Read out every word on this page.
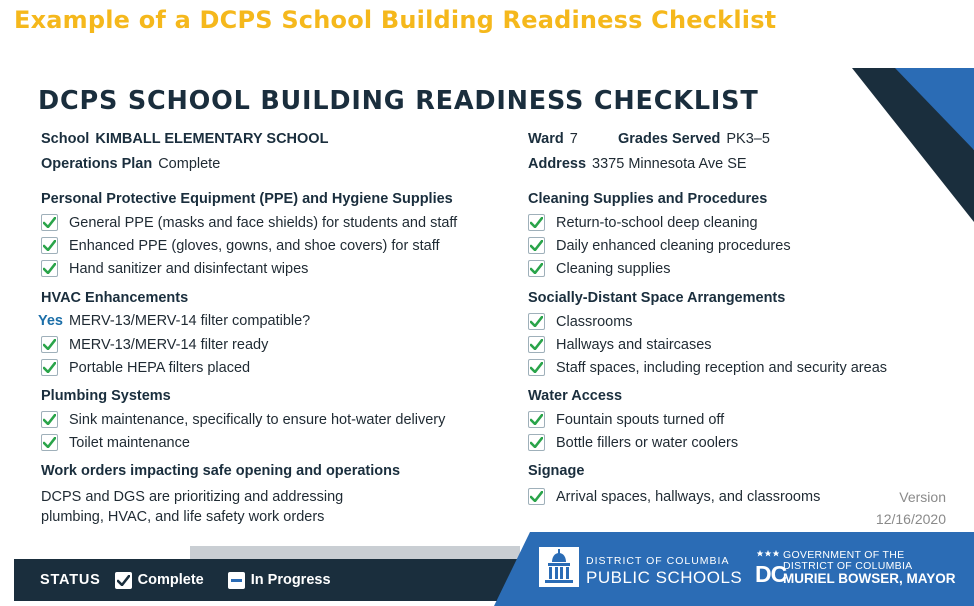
Example of a DCPS School Building Readiness Checklist
DCPS SCHOOL BUILDING READINESS CHECKLIST
School KIMBALL ELEMENTARY SCHOOL
Operations Plan Complete
Ward 7	Grades Served PK3–5
Address 3375 Minnesota Ave SE
Personal Protective Equipment (PPE) and Hygiene Supplies
General PPE (masks and face shields) for students and staff
Enhanced PPE (gloves, gowns, and shoe covers) for staff
Hand sanitizer and disinfectant wipes
HVAC Enhancements
Yes MERV-13/MERV-14 filter compatible?
MERV-13/MERV-14 filter ready
Portable HEPA filters placed
Plumbing Systems
Sink maintenance, specifically to ensure hot-water delivery
Toilet maintenance
Work orders impacting safe opening and operations
DCPS and DGS are prioritizing and addressing
plumbing, HVAC, and life safety work orders
Cleaning Supplies and Procedures
Return-to-school deep cleaning
Daily enhanced cleaning procedures
Cleaning supplies
Socially-Distant Space Arrangements
Classrooms
Hallways and staircases
Staff spaces, including reception and security areas
Water Access
Fountain spouts turned off
Bottle fillers or water coolers
Signage
Arrival spaces, hallways, and classrooms	Version
12/16/2020
STATUS	Complete	In Progress
DISTRICT OF COLUMBIA
PUBLIC SCHOOLS DC
GOVERNMENT OF THE
DISTRICT OF COLUMBIA
MURIEL BOWSER, MAYOR
